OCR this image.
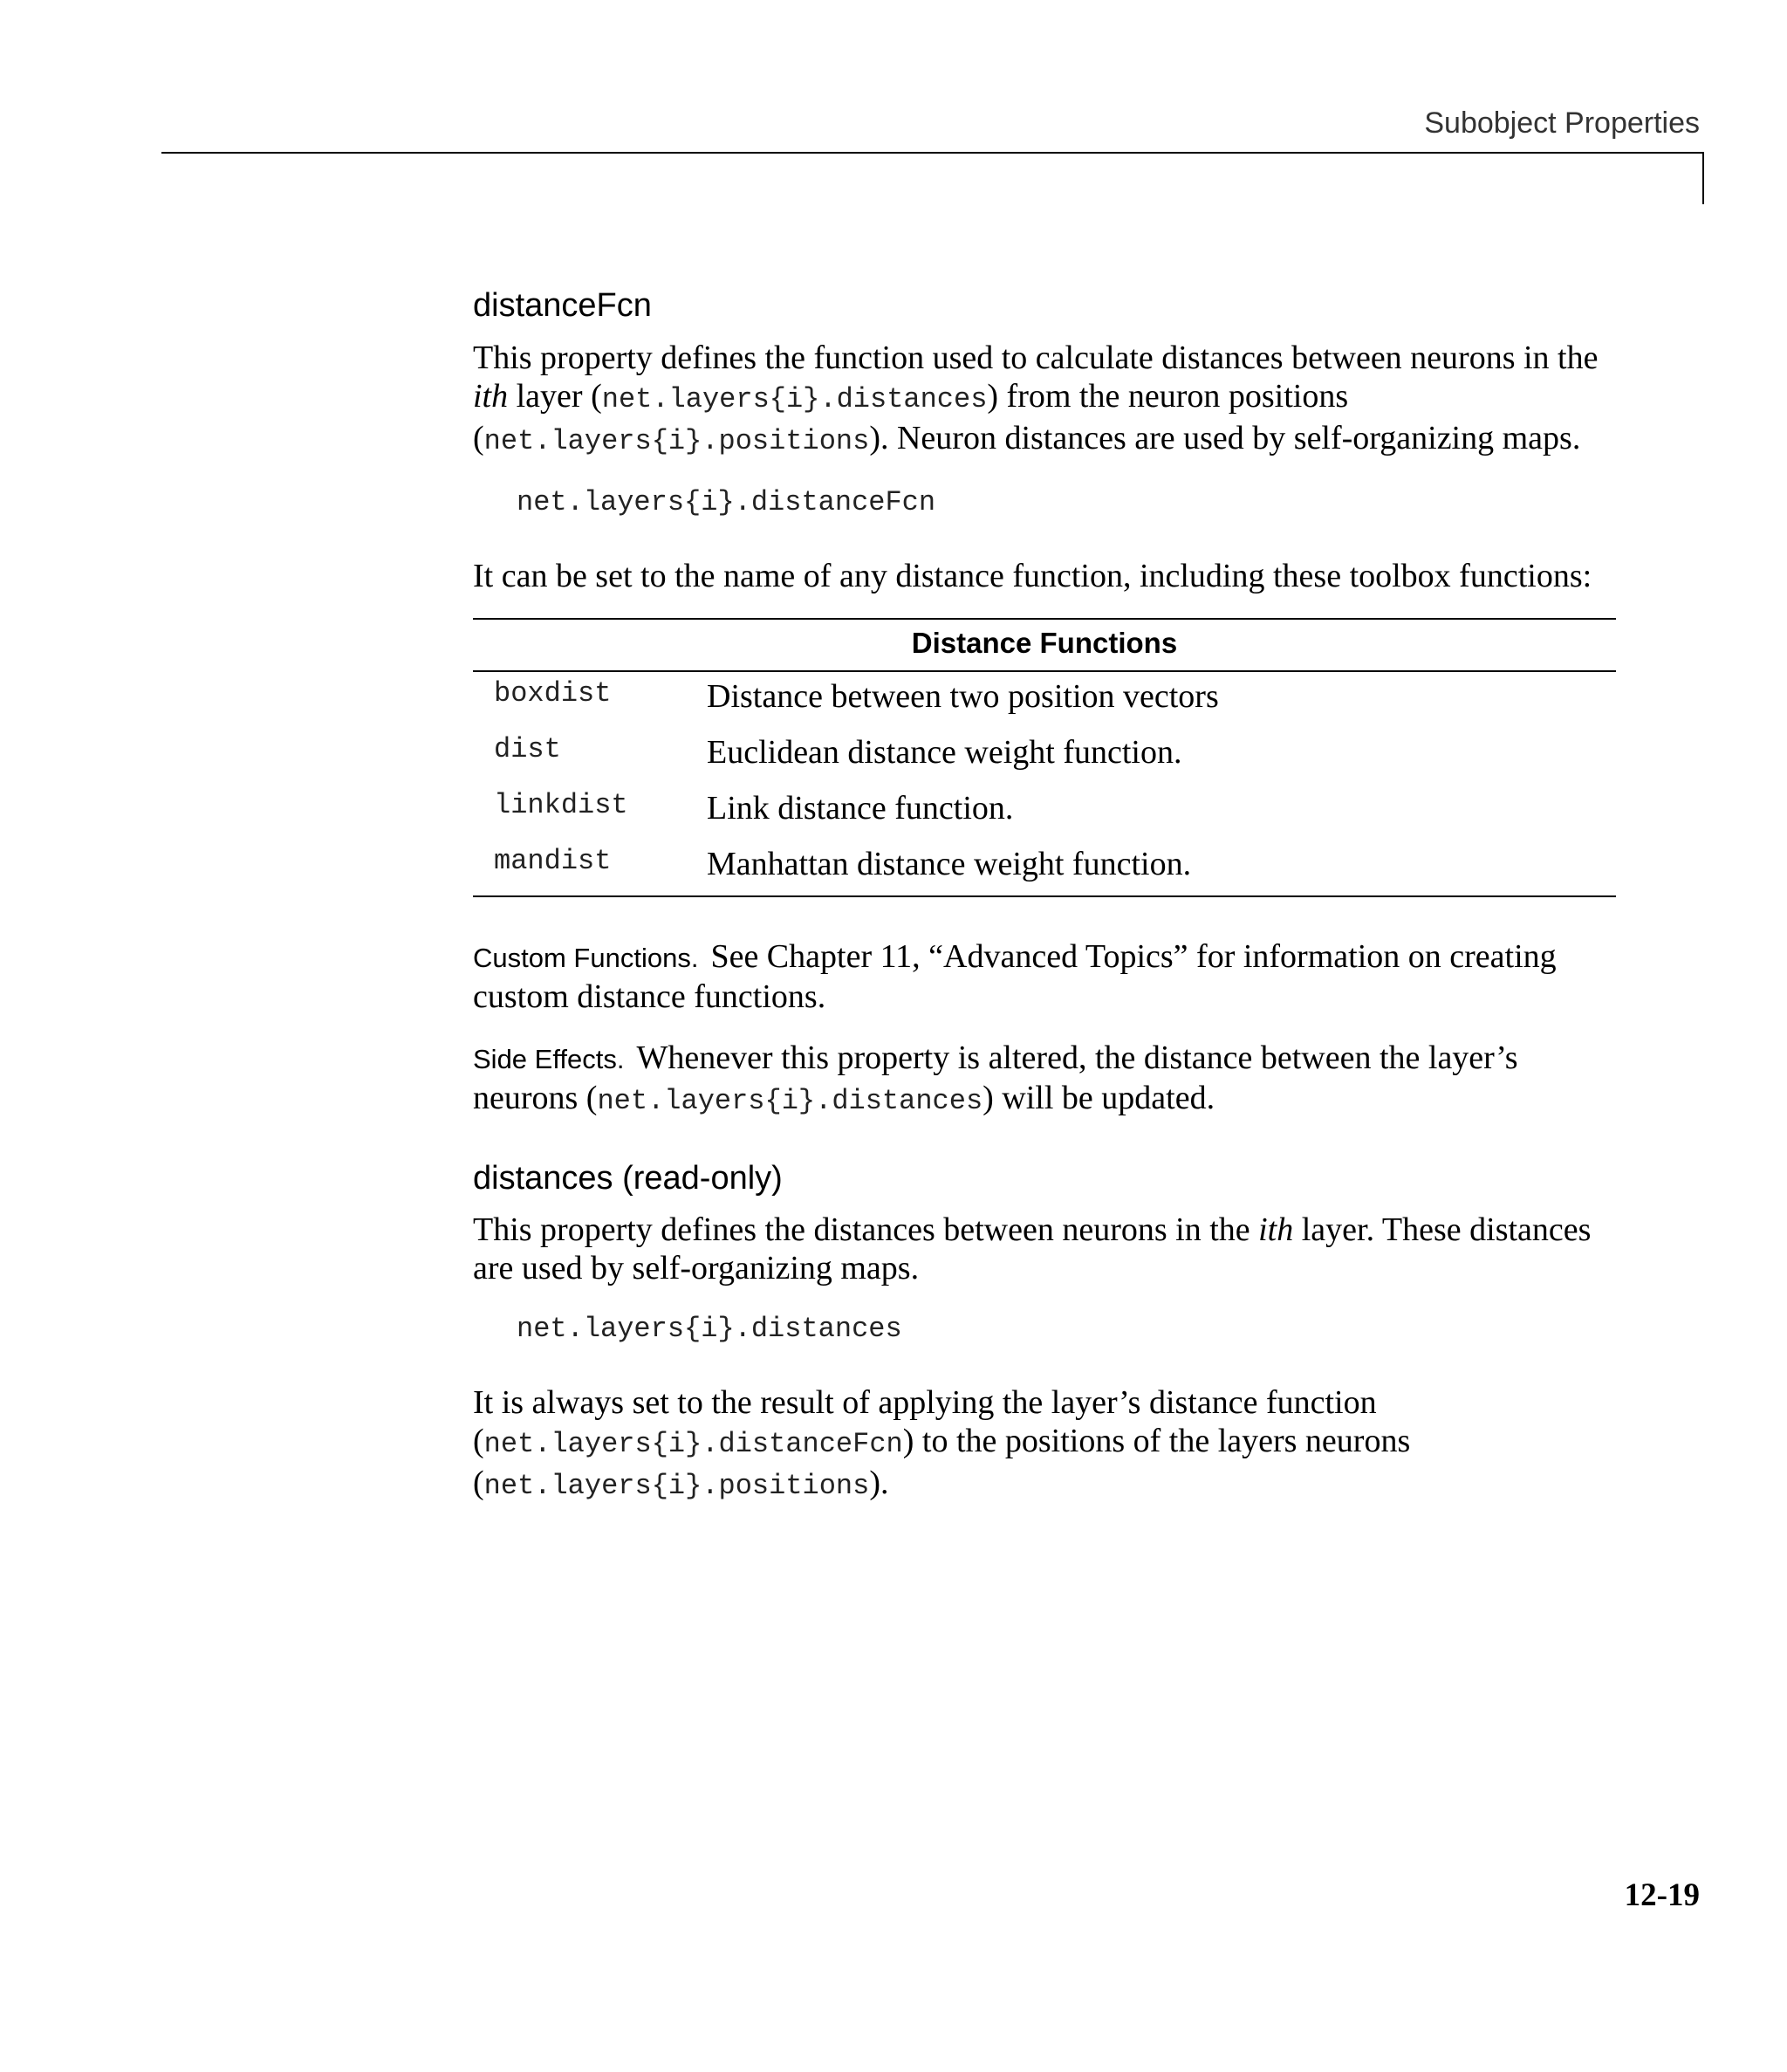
Subobject Properties
distanceFcn

This property defines the function used to calculate distances between neurons in the ith layer (net.layers{i}.distances) from the neuron positions (net.layers{i}.positions). Neuron distances are used by self-organizing maps.

net.layers{i}.distanceFcn

It can be set to the name of any distance function, including these toolbox functions:

Distance Functions	
boxdist	Distance between two position vectors
dist	Euclidean distance weight function.
linkdist	Link distance function.
mandist	Manhattan distance weight function.

Custom Functions. See Chapter 11, “Advanced Topics” for information on creating custom distance functions.

Side Effects. Whenever this property is altered, the distance between the layer’s neurons (net.layers{i}.distances) will be updated.

distances (read-only)

This property defines the distances between neurons in the ith layer. These distances are used by self-organizing maps.

net.layers{i}.distances

It is always set to the result of applying the layer’s distance function (net.layers{i}.distanceFcn) to the positions of the layers neurons (net.layers{i}.positions).

12-19
